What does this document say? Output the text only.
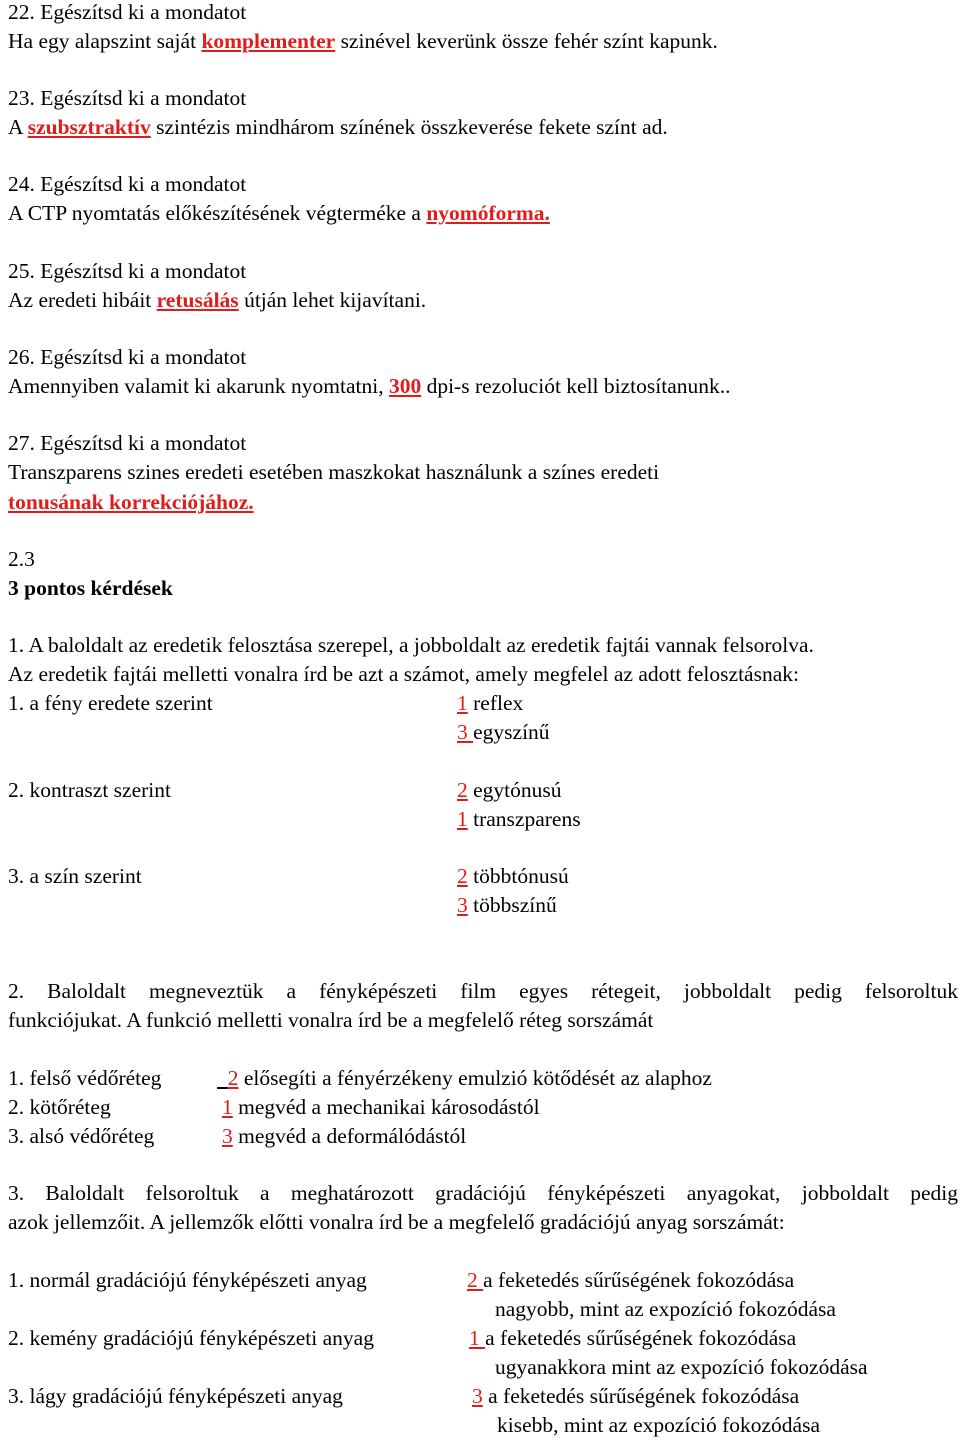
22. Egészítsd ki a mondatot
Ha egy alapszint saját komplementer szinével keverünk össze fehér színt kapunk.
23. Egészítsd ki a mondatot
A szubsztraktív szintézis mindhárom színének összkeverése fekete színt ad.
24. Egészítsd ki a mondatot
A CTP nyomtatás előkészítésének végterméke a nyomóforma.
25. Egészítsd ki a mondatot
Az eredeti hibáit retusálás útján lehet kijavítani.
26. Egészítsd ki a mondatot
Amennyiben valamit ki akarunk nyomtatni, 300 dpi-s rezoluciót kell biztosítanunk..
27. Egészítsd ki a mondatot
Transzparens szines eredeti esetében maszkokat használunk a színes eredeti
tonusának korrekciójához.
2.3
3 pontos kérdések
1. A baloldalt az eredetik felosztása szerepel, a jobboldalt az eredetik fajtái vannak felsorolva.
Az eredetik fajtái melletti vonalra írd be azt a számot, amely megfelel az adott felosztásnak:
1. a fény eredete szerint	1 reflex
3 egyszínű
2. kontraszt szerint	2 egytónusú
1 transzparens
3. a szín szerint	2 többtónusú
3 többszínű
2. Baloldalt megneveztük a fényképészeti film egyes rétegeit, jobboldalt pedig felsoroltuk
funkciójukat. A funkció melletti vonalra írd be a megfelelő réteg sorszámát
1. felső védőréteg	2 elősegíti a fényérzékeny emulzió kötődését az alaphoz
2. kötőréteg	1 megvéd a mechanikai károsodástól
3. alsó védőréteg	3 megvéd a deformálódástól
3. Baloldalt felsoroltuk a meghatározott gradációjú fényképészeti anyagokat, jobboldalt pedig
azok jellemzőit. A jellemzők előtti vonalra írd be a megfelelő gradációjú anyag sorszámát:
1. normál gradációjú fényképészeti anyag	2 a feketedés sűrűségének fokozódása
nagyobb, mint az expozíció fokozódása
2. kemény gradációjú fényképészeti anyag	1 a feketedés sűrűségének fokozódása
ugyanakkora mint az expozíció fokozódása
3. lágy gradációjú fényképészeti anyag	3 a feketedés sűrűségének fokozódása
kisebb, mint az expozíció fokozódása
